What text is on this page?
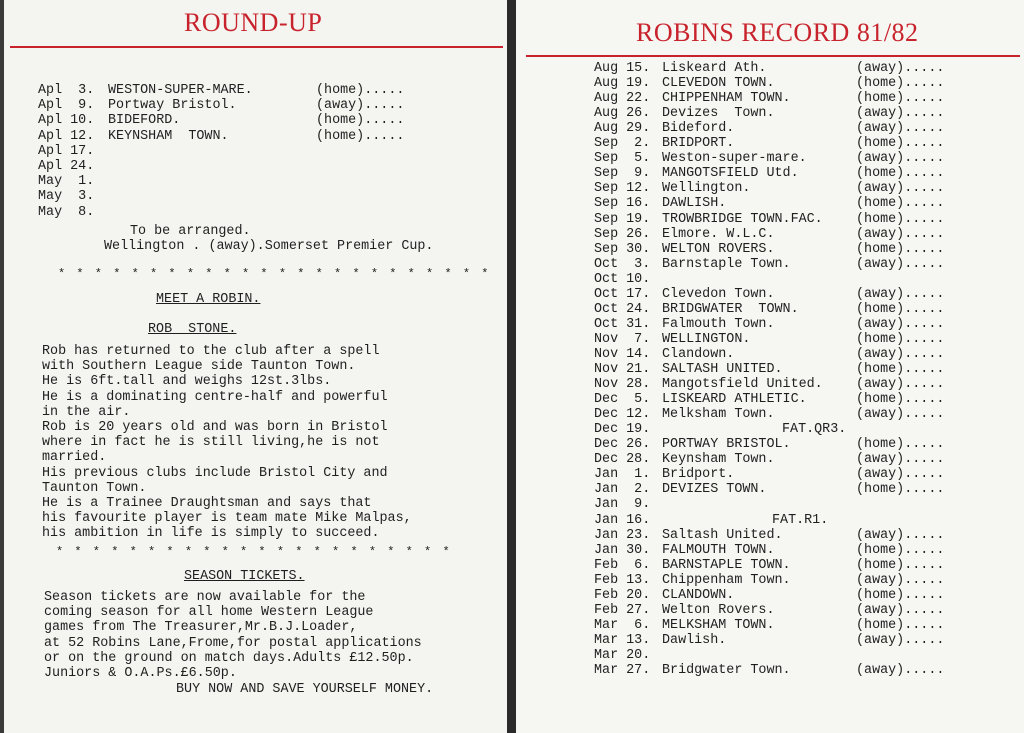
ROUND-UP
Apl  3. WESTON-SUPER-MARE.	(home).....
Apl  9. Portway Bristol.	(away).....
Apl 10. BIDEFORD.	(home).....
Apl 12. KEYNSHAM  TOWN.	(home).....
Apl 17.
Apl 24.
May  1.
May  3.
May  8.
To be arranged.
Wellington . (away).Somerset Premier Cup.
* * * * * * * * * * * * * * * * * * * * * * * *
MEET A ROBIN.
ROB  STONE.
Rob has returned to the club after a spell
with Southern League side Taunton Town.
He is 6ft.tall and weighs 12st.3lbs.
He is a dominating centre-half and powerful
in the air.
Rob is 20 years old and was born in Bristol
where in fact he is still living,he is not
married.
His previous clubs include Bristol City and
Taunton Town.
He is a Trainee Draughtsman and says that
his favourite player is team mate Mike Malpas,
his ambition in life is simply to succeed.
* * * * * * * * * * * * * * * * * * * * * *
SEASON TICKETS.
Season tickets are now available for the
coming season for all home Western League
games from The Treasurer,Mr.B.J.Loader,
at 52 Robins Lane,Frome,for postal applications
or on the ground on match days.Adults £12.50p.
Juniors & O.A.Ps.£6.50p.
BUY NOW AND SAVE YOURSELF MONEY.
ROBINS RECORD 81/82
Aug 15. Liskeard Ath.	(away).....
Aug 19. CLEVEDON TOWN.	(home).....
Aug 22. CHIPPENHAM TOWN.	(home).....
Aug 26. Devizes  Town.	(away).....
Aug 29. Bideford.	(away).....
Sep  2. BRIDPORT.	(home).....
Sep  5. Weston-super-mare.	(away).....
Sep  9. MANGOTSFIELD Utd.	(home).....
Sep 12. Wellington.	(away).....
Sep 16. DAWLISH.	(home).....
Sep 19. TROWBRIDGE TOWN.FAC. (home).....
Sep 26. Elmore. W.L.C.	(away).....
Sep 30. WELTON ROVERS.	(home).....
Oct  3. Barnstaple Town.	(away).....
Oct 10.
Oct 17. Clevedon Town.	(away).....
Oct 24. BRIDGWATER  TOWN.	(home).....
Oct 31. Falmouth Town.	(away).....
Nov  7. WELLINGTON.	(home).....
Nov 14. Clandown.	(away).....
Nov 21. SALTASH UNITED.	(home).....
Nov 28. Mangotsfield United. (away).....
Dec  5. LISKEARD ATHLETIC.	(home).....
Dec 12. Melksham Town.	(away).....
Dec 19.	FAT.QR3.
Dec 26. PORTWAY BRISTOL.	(home).....
Dec 28. Keynsham Town.	(away).....
Jan  1. Bridport.	(away).....
Jan  2. DEVIZES TOWN.	(home).....
Jan  9.
Jan 16.	FAT.R1.
Jan 23. Saltash United.	(away).....
Jan 30. FALMOUTH TOWN.	(home).....
Feb  6. BARNSTAPLE TOWN.	(home).....
Feb 13. Chippenham Town.	(away).....
Feb 20. CLANDOWN.	(home).....
Feb 27. Welton Rovers.	(away).....
Mar  6. MELKSHAM TOWN.	(home).....
Mar 13. Dawlish.	(away).....
Mar 20.
Mar 27. Bridgwater Town.	(away).....
